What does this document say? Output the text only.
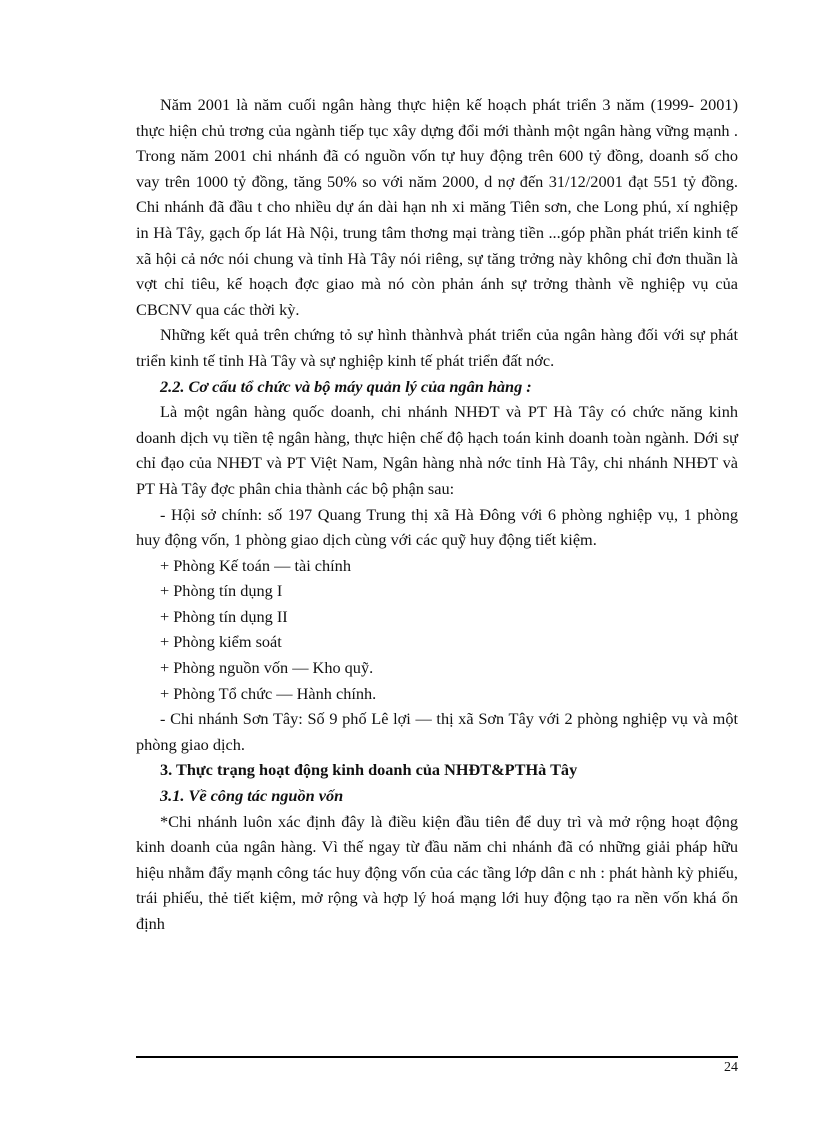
Năm 2001 là năm cuối ngân hàng thực hiện kế hoạch phát triển 3 năm (1999- 2001) thực hiện chủ trơng của ngành tiếp tục xây dựng đổi mới thành một ngân hàng vững mạnh . Trong năm 2001 chi nhánh đã có nguồn vốn tự huy động trên 600 tỷ đồng, doanh số cho vay trên 1000 tỷ đồng, tăng 50% so với năm 2000, d nợ đến 31/12/2001 đạt 551 tỷ đồng. Chi nhánh đã đầu t cho nhiều dự án dài hạn nh xi măng Tiên sơn, che Long phú, xí nghiệp in Hà Tây, gạch ốp lát Hà Nội, trung tâm thơng mại tràng tiền ...góp phần phát triển kinh tế xã hội cả nớc nói chung và tỉnh Hà Tây nói riêng, sự tăng trởng này không chỉ đơn thuần là vợt chỉ tiêu, kế hoạch đợc giao mà nó còn phản ánh sự trởng thành về nghiệp vụ của CBCNV qua các thời kỳ.

Những kết quả trên chứng tỏ sự hình thànhvà phát triển của ngân hàng đối với sự phát triển kinh tế tỉnh Hà Tây và sự nghiệp kinh tế phát triển đất nớc.

2.2. Cơ cấu tổ chức và bộ máy quản lý của ngân hàng :

Là một ngân hàng quốc doanh, chi nhánh NHĐT và PT Hà Tây có chức năng kinh doanh dịch vụ tiền tệ ngân hàng, thực hiện chế độ hạch toán kinh doanh toàn ngành. Dới sự chỉ đạo của NHĐT và PT Việt Nam, Ngân hàng nhà nớc tỉnh Hà Tây, chi nhánh NHĐT và PT Hà Tây đợc phân chia thành các bộ phận sau:

- Hội sở chính: số 197 Quang Trung thị xã Hà Đông với 6 phòng nghiệp vụ, 1 phòng huy động vốn, 1 phòng giao dịch cùng với các quỹ huy động tiết kiệm.

+ Phòng Kế toán — tài chính

+ Phòng tín dụng I

+ Phòng tín dụng II

+ Phòng kiểm soát

+ Phòng nguồn vốn — Kho quỹ.

+ Phòng Tổ chức — Hành chính.

- Chi nhánh Sơn Tây: Số 9 phố Lê lợi — thị xã Sơn Tây với 2 phòng nghiệp vụ và một phòng giao dịch.

3. Thực trạng hoạt động kinh doanh của NHĐT&PTHà Tây

3.1. Về công tác nguồn vốn

*Chi nhánh luôn xác định đây là điều kiện đầu tiên để duy trì và mở rộng hoạt động kinh doanh của ngân hàng. Vì thế ngay từ đầu năm chi nhánh đã có những giải pháp hữu hiệu nhằm đẩy mạnh công tác huy động vốn của các tầng lớp dân c nh : phát hành kỳ phiếu, trái phiếu, thẻ tiết kiệm, mở rộng và hợp lý hoá mạng lới huy động tạo ra nền vốn khá ổn định

24
